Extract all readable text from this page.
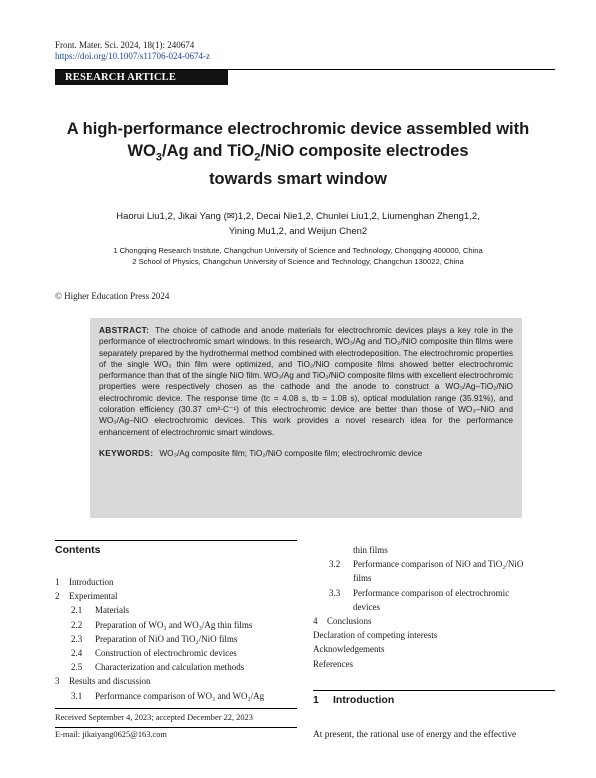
Front. Mater. Sci. 2024, 18(1): 240674
https://doi.org/10.1007/s11706-024-0674-z
RESEARCH ARTICLE
A high-performance electrochromic device assembled with
$WO_3/Ag$ and TiO$_2$/NiO composite electrodes
towards smart window
Haorui Liu1,2, Jikai Yang (✉)1,2, Decai Nie1,2, Chunlei Liu1,2, Liumenghan Zheng1,2,
Yining Mu1,2, and Weijun Chen2
1 Chongqing Research Institute, Changchun University of Science and Technology, Chongqing 400000, China
2 School of Physics, Changchun University of Science and Technology, Changchun 130022, China
© Higher Education Press 2024
ABSTRACT: The choice of cathode and anode materials for electrochromic devices plays a key role in the performance of electrochromic smart windows. In this research, WO₃/Ag and TiO₂/NiO composite thin films were separately prepared by the hydrothermal method combined with electrodeposition. The electrochromic properties of the single WO₃ thin film were optimized, and TiO₂/NiO composite films showed better electrochromic performance than that of the single NiO film. WO₃/Ag and TiO₂/NiO composite films with excellent electrochromic properties were respectively chosen as the cathode and the anode to construct a WO₃/Ag–TiO₂/NiO electrochromic device. The response time (tc = 4.08 s, tb = 1.08 s), optical modulation range (35.91%), and coloration efficiency (30.37 cm²·C⁻¹) of this electrochromic device are better than those of WO₃–NiO and WO₃/Ag–NiO electrochromic devices. This work provides a novel research idea for the performance enhancement of electrochromic smart windows.
KEYWORDS: WO₃/Ag composite film; TiO₂/NiO composite film; electrochromic device
Contents
1 Introduction
2 Experimental
2.1 Materials
2.2 Preparation of WO₃ and WO₃/Ag thin films
2.3 Preparation of NiO and TiO₂/NiO films
2.4 Construction of electrochromic devices
2.5 Characterization and calculation methods
3 Results and discussion
3.1 Performance comparison of WO₃ and WO₃/Ag
thin films
3.2 Performance comparison of NiO and TiO₂/NiO
films
3.3 Performance comparison of electrochromic
devices
4 Conclusions
Declaration of competing interests
Acknowledgements
References
Received September 4, 2023; accepted December 22, 2023
E-mail: jikaiyang0625@163.com
1 Introduction
At present, the rational use of energy and the effective
